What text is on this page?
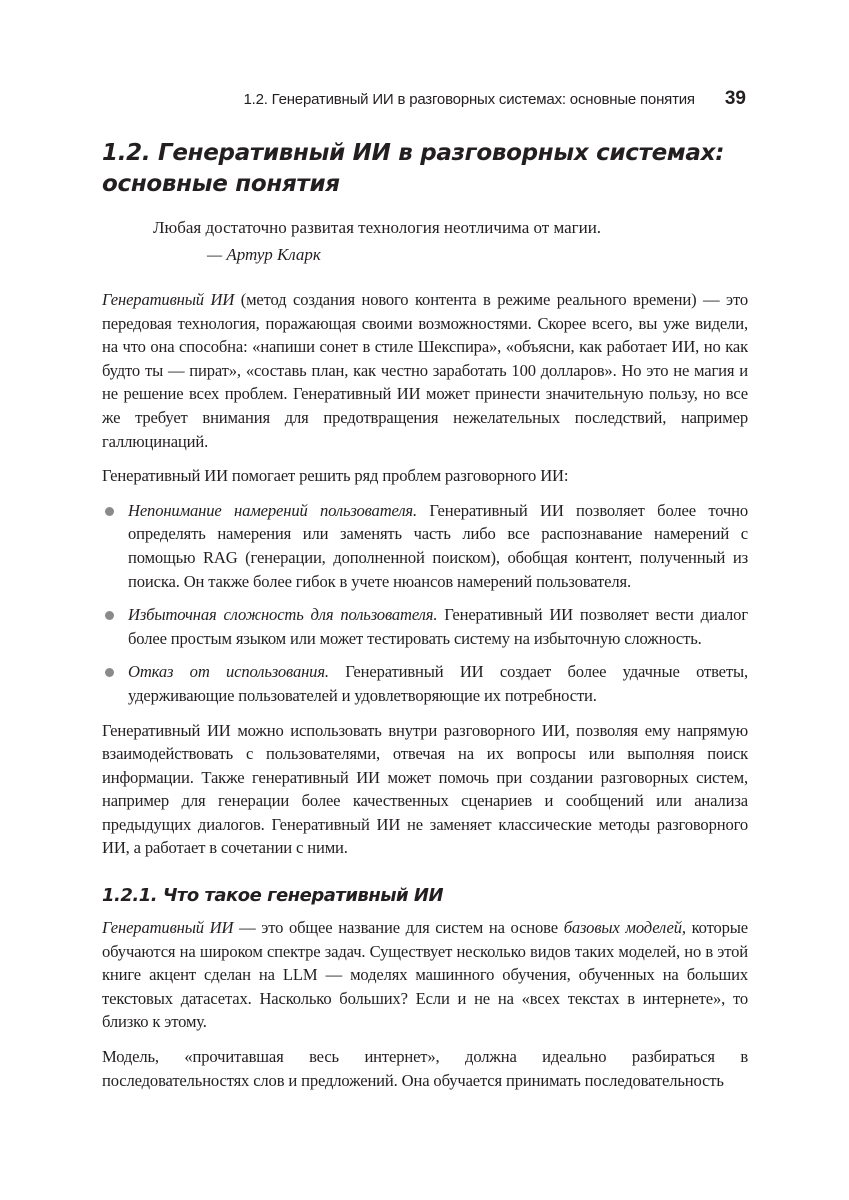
1.2. Генеративный ИИ в разговорных системах: основные понятия 39
1.2. Генеративный ИИ в разговорных системах: основные понятия
Любая достаточно развитая технология неотличима от магии.
— Артур Кларк

Генеративный ИИ (метод создания нового контента в режиме реального времени) — это передовая технология, поражающая своими возможностями. Скорее всего, вы уже видели, на что она способна: «напиши сонет в стиле Шекспира», «объясни, как работает ИИ, но как будто ты — пират», «составь план, как честно заработать 100 долларов». Но это не магия и не решение всех проблем. Генеративный ИИ может принести значительную пользу, но все же требует внимания для предотвращения нежелательных последствий, например галлюцинаций.

Генеративный ИИ помогает решить ряд проблем разговорного ИИ:

Непонимание намерений пользователя. Генеративный ИИ позволяет более точно определять намерения или заменять часть либо все распознавание намерений с помощью RAG (генерации, дополненной поиском), обобщая контент, полученный из поиска. Он также более гибок в учете нюансов намерений пользователя.
Избыточная сложность для пользователя. Генеративный ИИ позволяет вести диалог более простым языком или может тестировать систему на избыточную сложность.
Отказ от использования. Генеративный ИИ создает более удачные ответы, удерживающие пользователей и удовлетворяющие их потребности.

Генеративный ИИ можно использовать внутри разговорного ИИ, позволяя ему напрямую взаимодействовать с пользователями, отвечая на их вопросы или выполняя поиск информации. Также генеративный ИИ может помочь при создании разговорных систем, например для генерации более качественных сценариев и сообщений или анализа предыдущих диалогов. Генеративный ИИ не заменяет классические методы разговорного ИИ, а работает в сочетании с ними.

1.2.1. Что такое генеративный ИИ

Генеративный ИИ — это общее название для систем на основе базовых моделей, которые обучаются на широком спектре задач. Существует несколько видов таких моделей, но в этой книге акцент сделан на LLM — моделях машинного обучения, обученных на больших текстовых датасетах. Насколько больших? Если и не на «всех текстах в интернете», то близко к этому.

Модель, «прочитавшая весь интернет», должна идеально разбираться в последовательностях слов и предложений. Она обучается принимать последовательность
